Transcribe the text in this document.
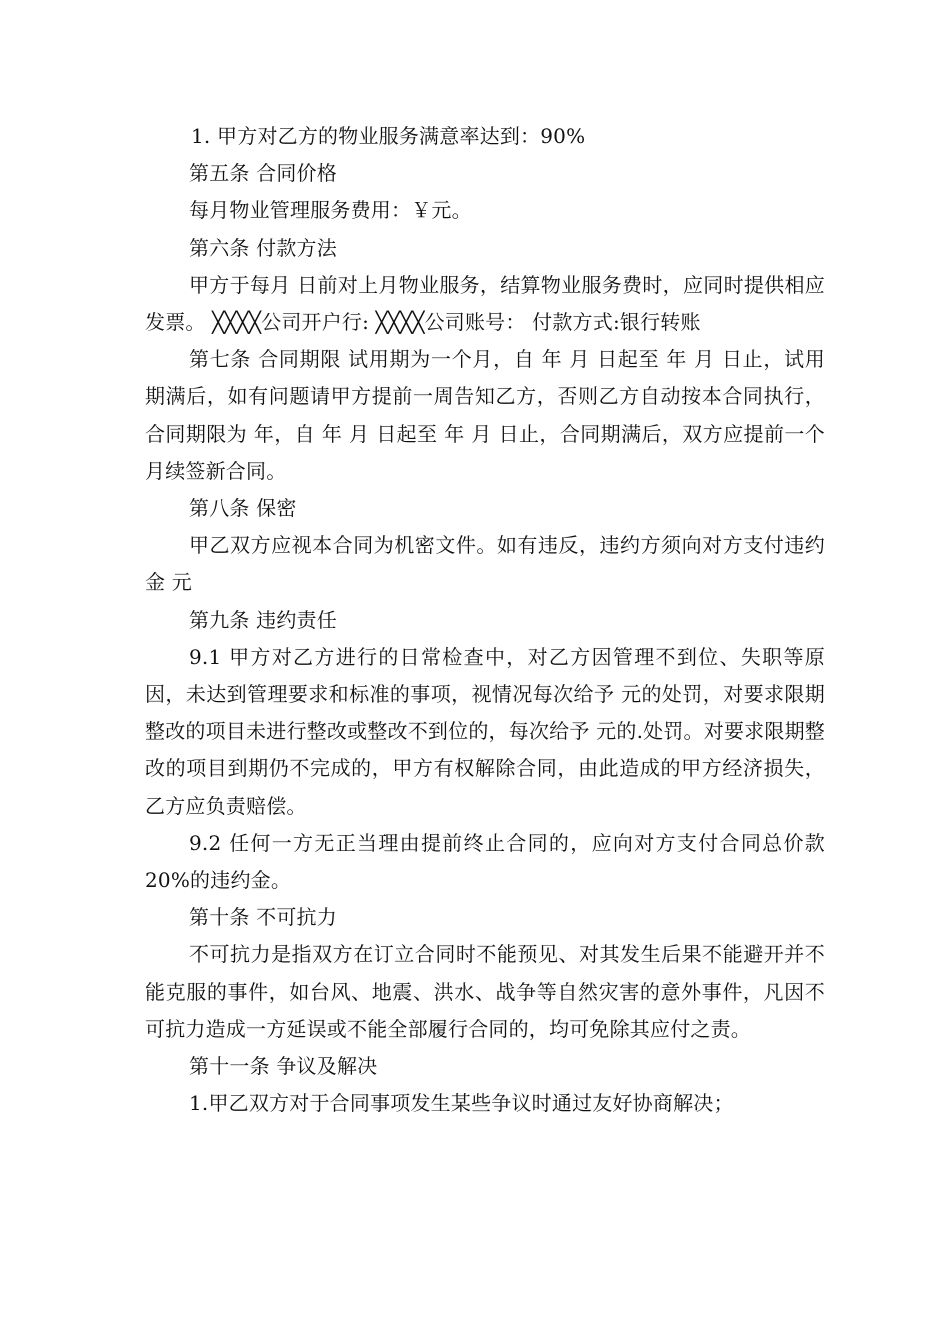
1. 甲方对乙方的物业服务满意率达到：90%

第五条 合同价格

每月物业管理服务费用：￥元。

第六条 付款方法

甲方于每月 日前对上月物业服务，结算物业服务费时，应同时提供相应发票。 ╳╳╳╳公司开户行: ╳╳╳╳公司账号： 付款方式:银行转账

第七条 合同期限 试用期为一个月，自 年 月 日起至 年 月 日止，试用期满后，如有问题请甲方提前一周告知乙方，否则乙方自动按本合同执行，合同期限为 年，自 年 月 日起至 年 月 日止，合同期满后，双方应提前一个月续签新合同。

第八条 保密

甲乙双方应视本合同为机密文件。如有违反，违约方须向对方支付违约金 元

第九条 违约责任

9.1 甲方对乙方进行的日常检查中，对乙方因管理不到位、失职等原因，未达到管理要求和标准的事项，视情况每次给予 元的处罚，对要求限期整改的项目未进行整改或整改不到位的，每次给予 元的.处罚。对要求限期整改的项目到期仍不完成的，甲方有权解除合同，由此造成的甲方经济损失，乙方应负责赔偿。

9.2 任何一方无正当理由提前终止合同的，应向对方支付合同总价款 20%的违约金。

第十条 不可抗力

不可抗力是指双方在订立合同时不能预见、对其发生后果不能避开并不能克服的事件，如台风、地震、洪水、战争等自然灾害的意外事件，凡因不可抗力造成一方延误或不能全部履行合同的，均可免除其应付之责。

第十一条 争议及解决

1.甲乙双方对于合同事项发生某些争议时通过友好协商解决；
